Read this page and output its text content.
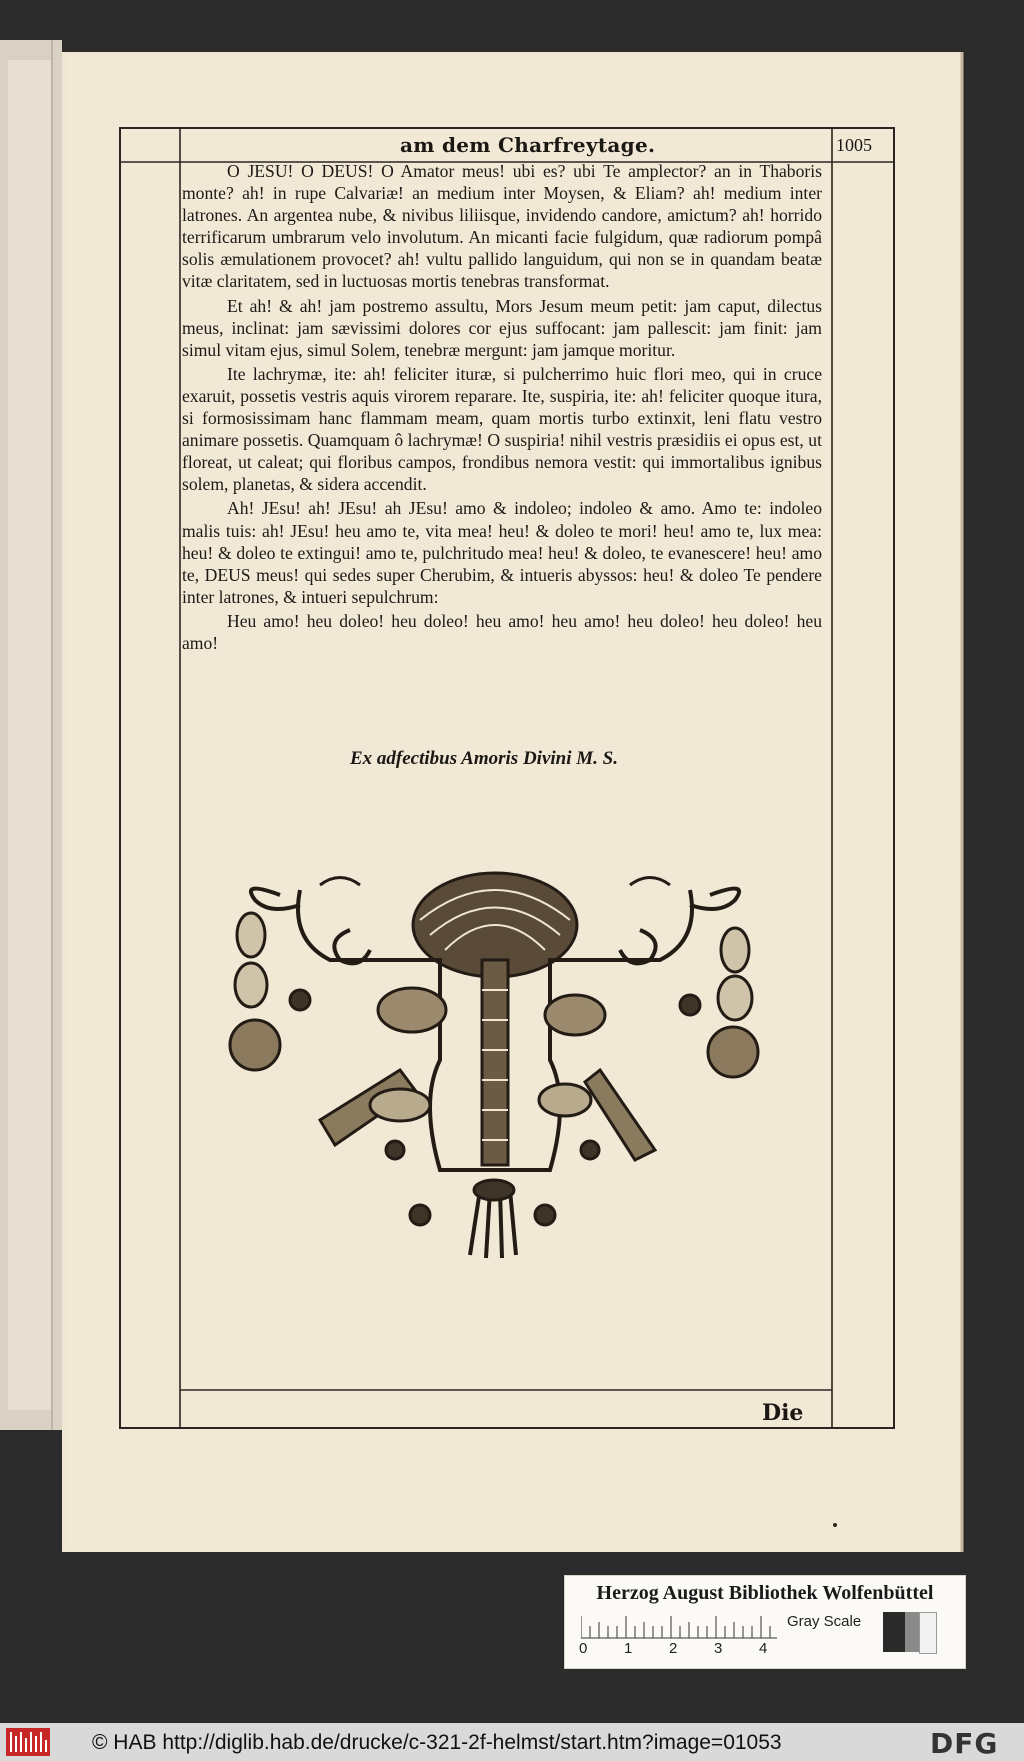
am dem Charfreytage.	1005

O JESU! O DEUS! O Amator meus! ubi es? ubi Te amplector? an in Thaboris monte? ah! in rupe Calvariæ! an medium inter Moysen, & Eliam? ah! medium inter latrones. An argentea nube, & nivibus liliisque, invidendo candore, amictum? ah! horrido terrificarum umbrarum velo involutum. An micanti facie fulgidum, quæ radiorum pompâ solis æmulationem provocet? ah! vultu pallido languidum, qui non se in quandam beatæ vitæ claritatem, sed in luctuosas mortis tenebras transformat.

Et ah! & ah! jam postremo assultu, Mors Jesum meum petit: jam caput, dilectus meus, inclinat: jam sævissimi dolores cor ejus suffocant: jam pallescit: jam finit: jam simul vitam ejus, simul Solem, tenebræ mergunt: jam jamque moritur.

Ite lachrymæ, ite: ah! feliciter ituræ, si pulcherrimo huic flori meo, qui in cruce exaruit, possetis vestris aquis virorem reparare. Ite, suspiria, ite: ah! feliciter quoque itura, si formosissimam hanc flammam meam, quam mortis turbo extinxit, leni flatu vestro animare possetis. Quamquam ô lachrymæ! O suspiria! nihil vestris præsidiis ei opus est, ut floreat, ut caleat; qui floribus campos, frondibus nemora vestit: qui immortalibus ignibus solem, planetas, & sidera accendit.

Ah! JEsu! ah! JEsu! ah JEsu! amo & indoleo; indoleo & amo. Amo te: indoleo malis tuis: ah! JEsu! heu amo te, vita mea! heu! & doleo te mori! heu! amo te, lux mea: heu! & doleo te extingui! amo te, pulchritudo mea! heu! & doleo, te evanescere! heu! amo te, DEUS meus! qui sedes super Cherubim, & intueris abyssos: heu! & doleo Te pendere inter latrones, & intueri sepulchrum:

Heu amo! heu doleo! heu doleo! heu amo! heu amo! heu doleo! heu doleo! heu amo!

Ex adfectibus Amoris Divini M. S.
Die
Herzog August Bibliothek Wolfenbüttel
0 1 2 3 4
Gray Scale
© HAB http://diglib.hab.de/drucke/c-321-2f-helmst/start.htm?image=01053	DFG
